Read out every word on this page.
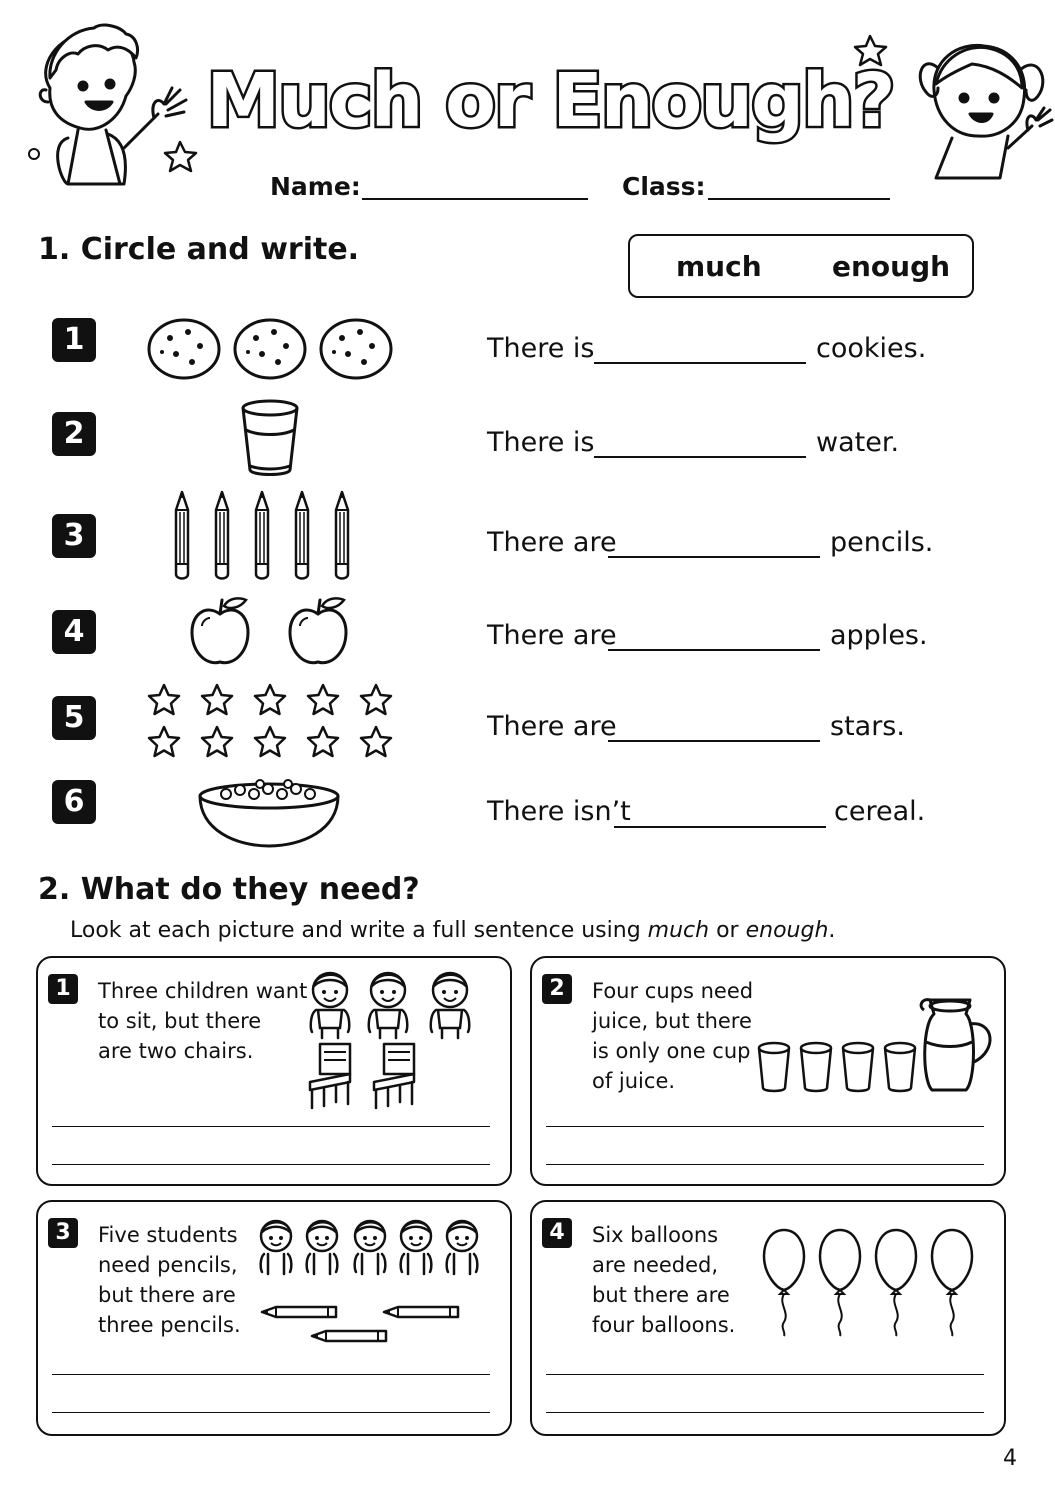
Much or Enough?
Name:	Class:
1. Circle and write.	much	enough
1	There is	cookies.
2	There is	water.
3	There are	pencils.
4	There are	apples.
5	There are	stars.
6	There isn’t	cereal.
2. What do they need?
Look at each picture and write a full sentence using much or enough.
1	Three children want
to sit, but there
are two chairs.
2	Four cups need
juice, but there
is only one cup
of juice.
3	Five students
need pencils,
but there are
three pencils.
4	Six balloons
are needed,
but there are
four balloons.
4
